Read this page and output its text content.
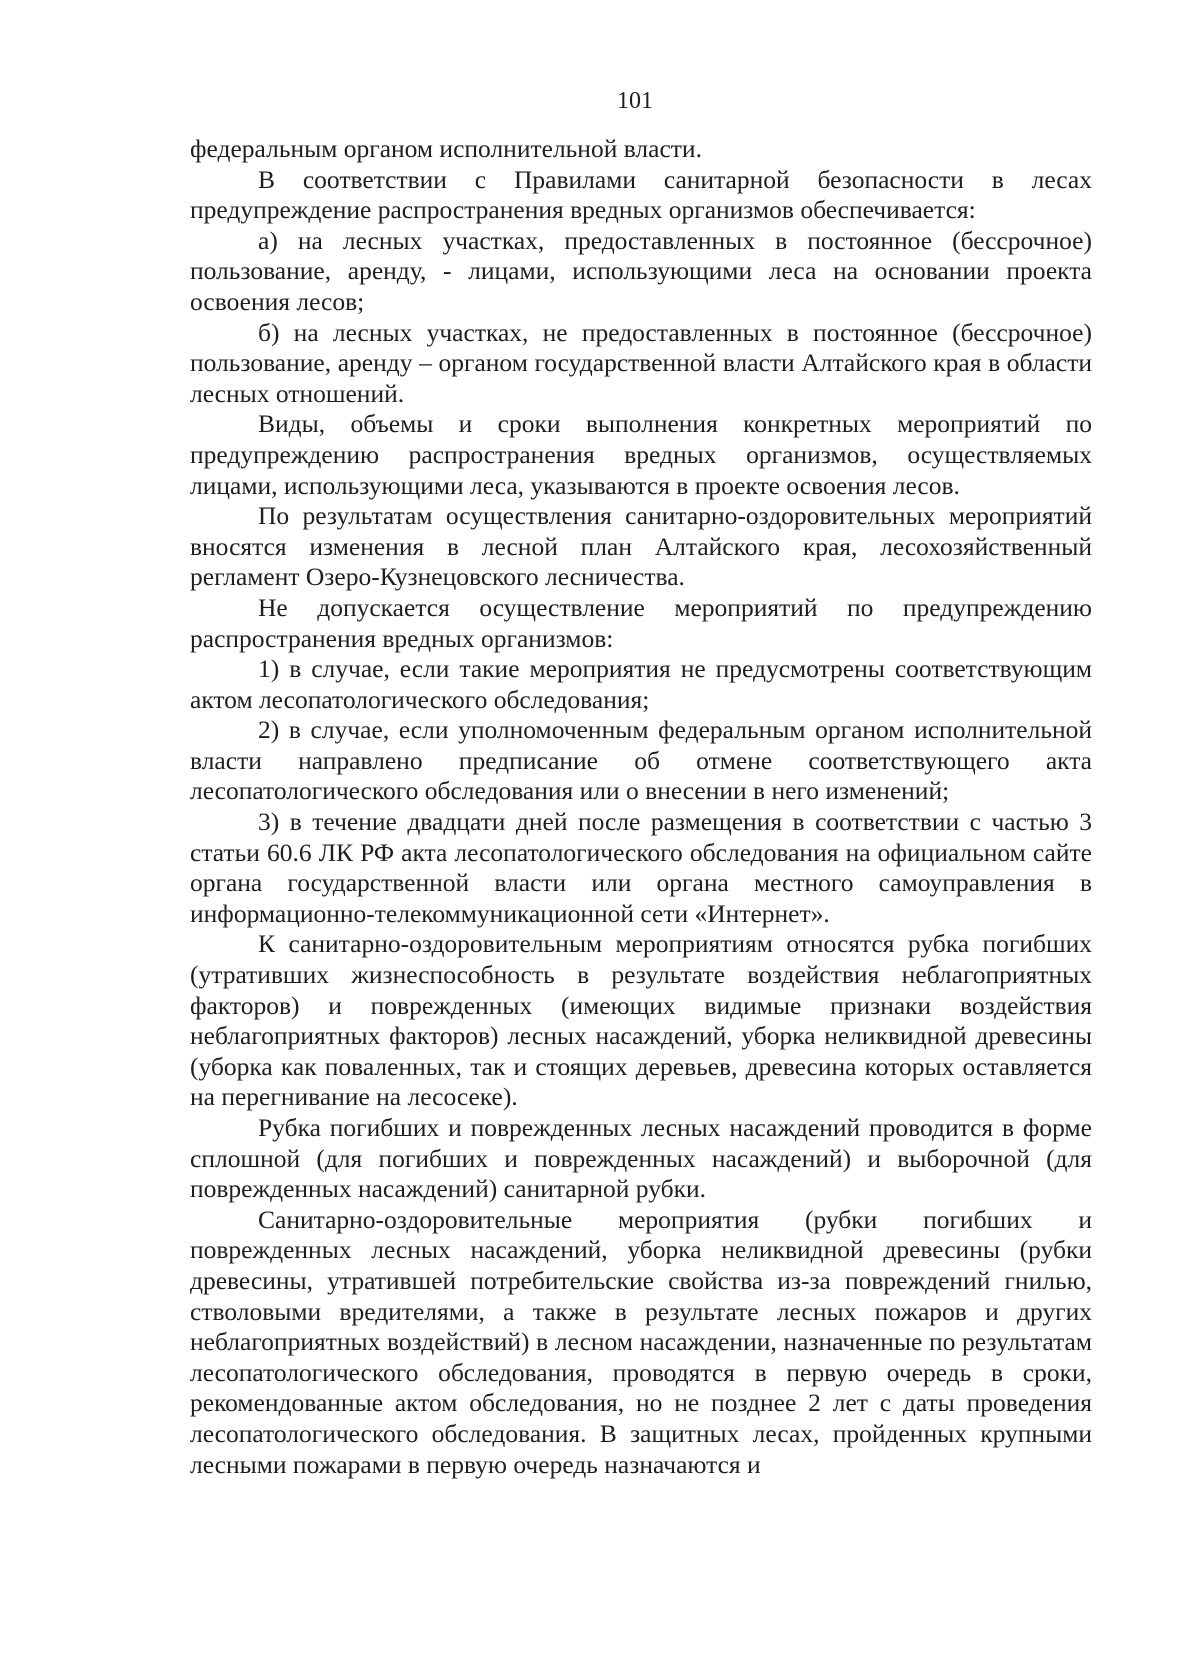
101

федеральным органом исполнительной власти.

В соответствии с Правилами санитарной безопасности в лесах предупреждение распространения вредных организмов обеспечивается:

а) на лесных участках, предоставленных в постоянное (бессрочное) пользование, аренду, - лицами, использующими леса на основании проекта освоения лесов;

б) на лесных участках, не предоставленных в постоянное (бессрочное) пользование, аренду – органом государственной власти Алтайского края в области лесных отношений.

Виды, объемы и сроки выполнения конкретных мероприятий по предупреждению распространения вредных организмов, осуществляемых лицами, использующими леса, указываются в проекте освоения лесов.

По результатам осуществления санитарно-оздоровительных мероприятий вносятся изменения в лесной план Алтайского края, лесохозяйственный регламент Озеро-Кузнецовского лесничества.

Не допускается осуществление мероприятий по предупреждению распространения вредных организмов:

1) в случае, если такие мероприятия не предусмотрены соответствующим актом лесопатологического обследования;

2) в случае, если уполномоченным федеральным органом исполнительной власти направлено предписание об отмене соответствующего акта лесопатологического обследования или о внесении в него изменений;

3) в течение двадцати дней после размещения в соответствии с частью 3 статьи 60.6 ЛК РФ акта лесопатологического обследования на официальном сайте органа государственной власти или органа местного самоуправления в информационно-телекоммуникационной сети «Интернет».

К санитарно-оздоровительным мероприятиям относятся рубка погибших (утративших жизнеспособность в результате воздействия неблагоприятных факторов) и поврежденных (имеющих видимые признаки воздействия неблагоприятных факторов) лесных насаждений, уборка неликвидной древесины (уборка как поваленных, так и стоящих деревьев, древесина которых оставляется на перегнивание на лесосеке).

Рубка погибших и поврежденных лесных насаждений проводится в форме сплошной (для погибших и поврежденных насаждений) и выборочной (для поврежденных насаждений) санитарной рубки.

Санитарно-оздоровительные мероприятия (рубки погибших и поврежденных лесных насаждений, уборка неликвидной древесины (рубки древесины, утратившей потребительские свойства из-за повреждений гнилью, стволовыми вредителями, а также в результате лесных пожаров и других неблагоприятных воздействий) в лесном насаждении, назначенные по результатам лесопатологического обследования, проводятся в первую очередь в сроки, рекомендованные актом обследования, но не позднее 2 лет с даты проведения лесопатологического обследования. В защитных лесах, пройденных крупными лесными пожарами в первую очередь назначаются и
